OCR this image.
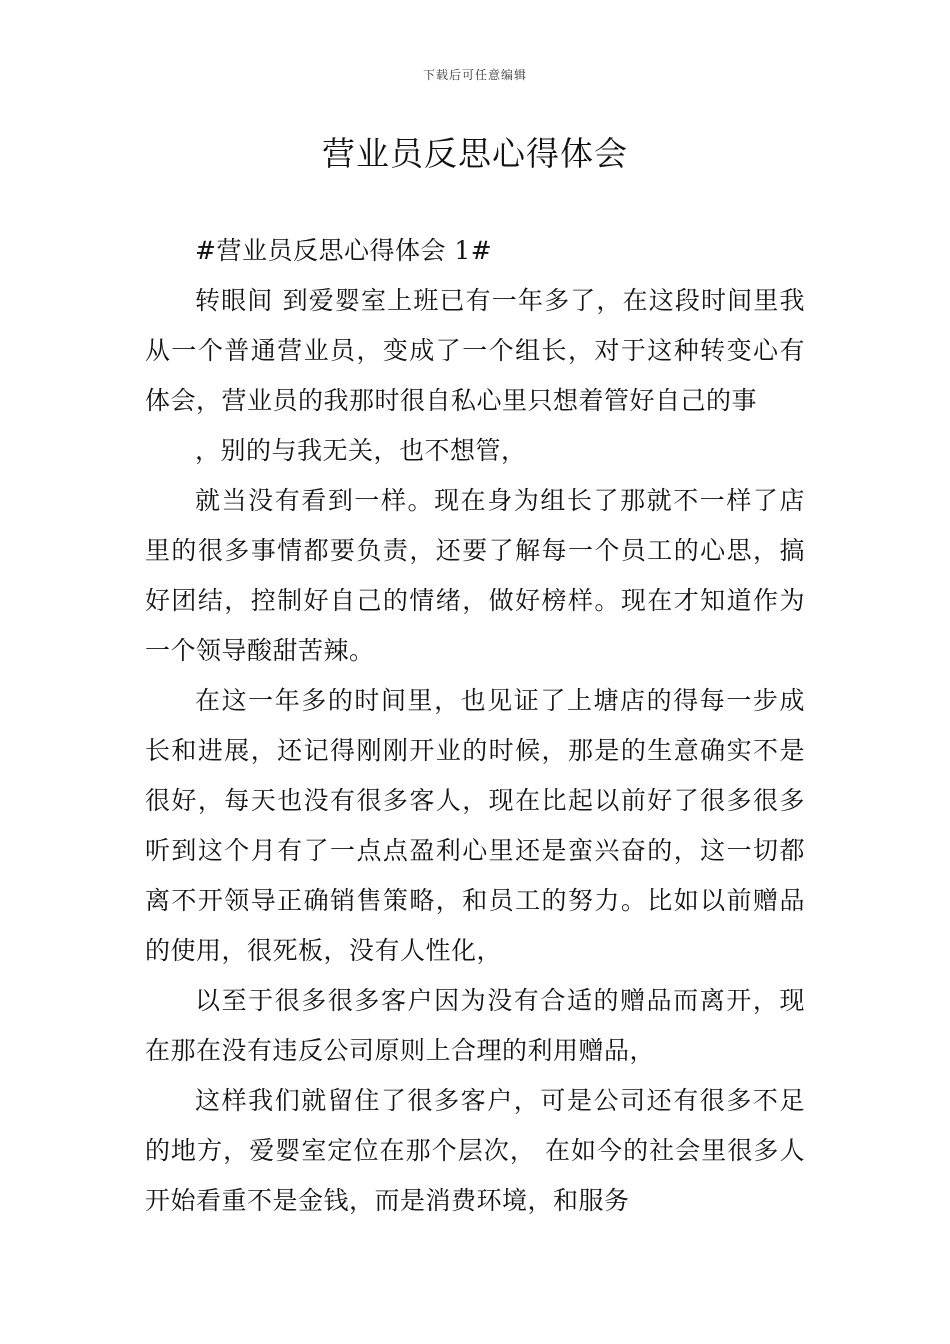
下载后可任意编辑
营业员反思心得体会

#营业员反思心得体会 1#

转眼间 到爱婴室上班已有一年多了，在这段时间里我从一个普通营业员，变成了一个组长，对于这种转变心有体会，营业员的我那时很自私心里只想着管好自己的事

，别的与我无关，也不想管，

就当没有看到一样。现在身为组长了那就不一样了店里的很多事情都要负责，还要了解每一个员工的心思，搞好团结，控制好自己的情绪，做好榜样。现在才知道作为一个领导酸甜苦辣。

在这一年多的时间里，也见证了上塘店的得每一步成长和进展，还记得刚刚开业的时候，那是的生意确实不是很好，每天也没有很多客人，现在比起以前好了很多很多听到这个月有了一点点盈利心里还是蛮兴奋的，这一切都离不开领导正确销售策略，和员工的努力。比如以前赠品的使用，很死板，没有人性化，

以至于很多很多客户因为没有合适的赠品而离开，现在那在没有违反公司原则上合理的利用赠品，

这样我们就留住了很多客户，可是公司还有很多不足的地方，爱婴室定位在那个层次， 在如今的社会里很多人开始看重不是金钱，而是消费环境，和服务
